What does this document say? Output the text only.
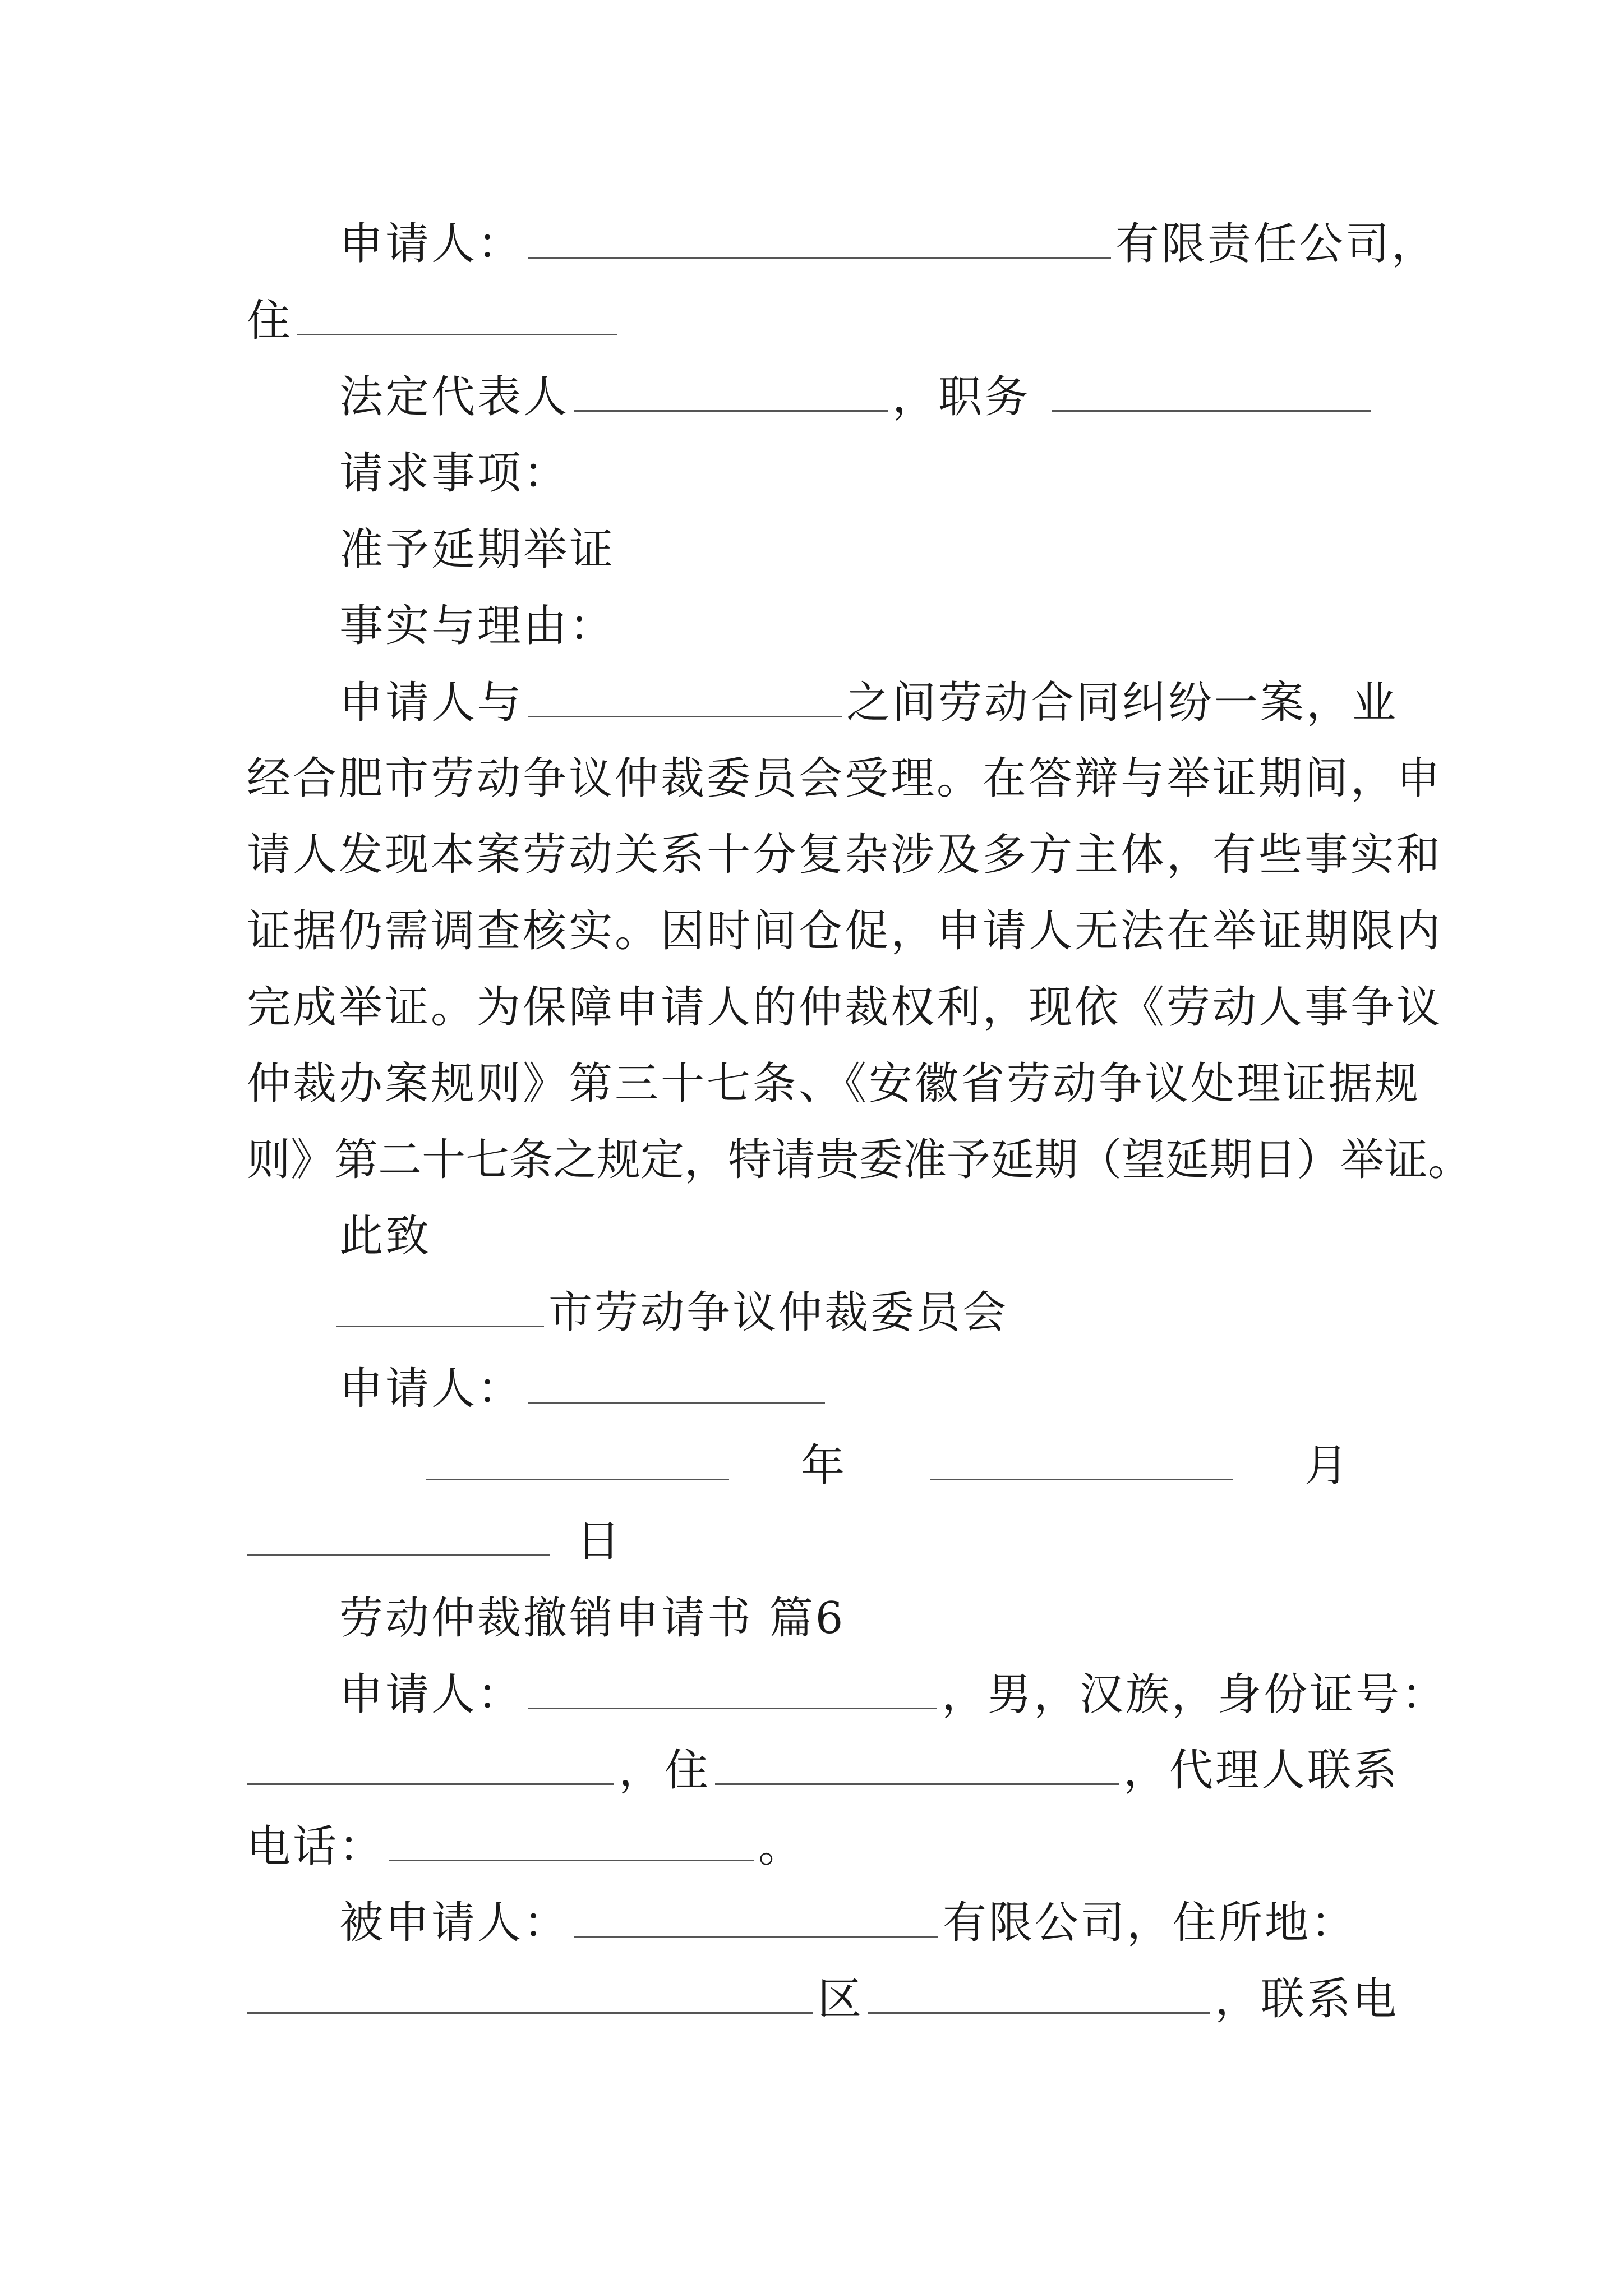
申请人：	有限责任公司，
住
法定代表人	，职务
请求事项：
准予延期举证
事实与理由：
申请人与	之间劳动合同纠纷一案，业
经合肥市劳动争议仲裁委员会受理。在答辩与举证期间，申
请人发现本案劳动关系十分复杂涉及多方主体，有些事实和
证据仍需调查核实。因时间仓促，申请人无法在举证期限内
完成举证。为保障申请人的仲裁权利，现依《劳动人事争议
仲裁办案规则》第三十七条、《安徽省劳动争议处理证据规
则》第二十七条之规定，特请贵委准予延期（望延期日）举证。
此致
市劳动争议仲裁委员会
申请人：
年	月
日
劳动仲裁撤销申请书 篇6
申请人：	，男，汉族，身份证号：
，住	，代理人联系
电话：	。
被申请人：	有限公司，住所地：
区	，联系电
